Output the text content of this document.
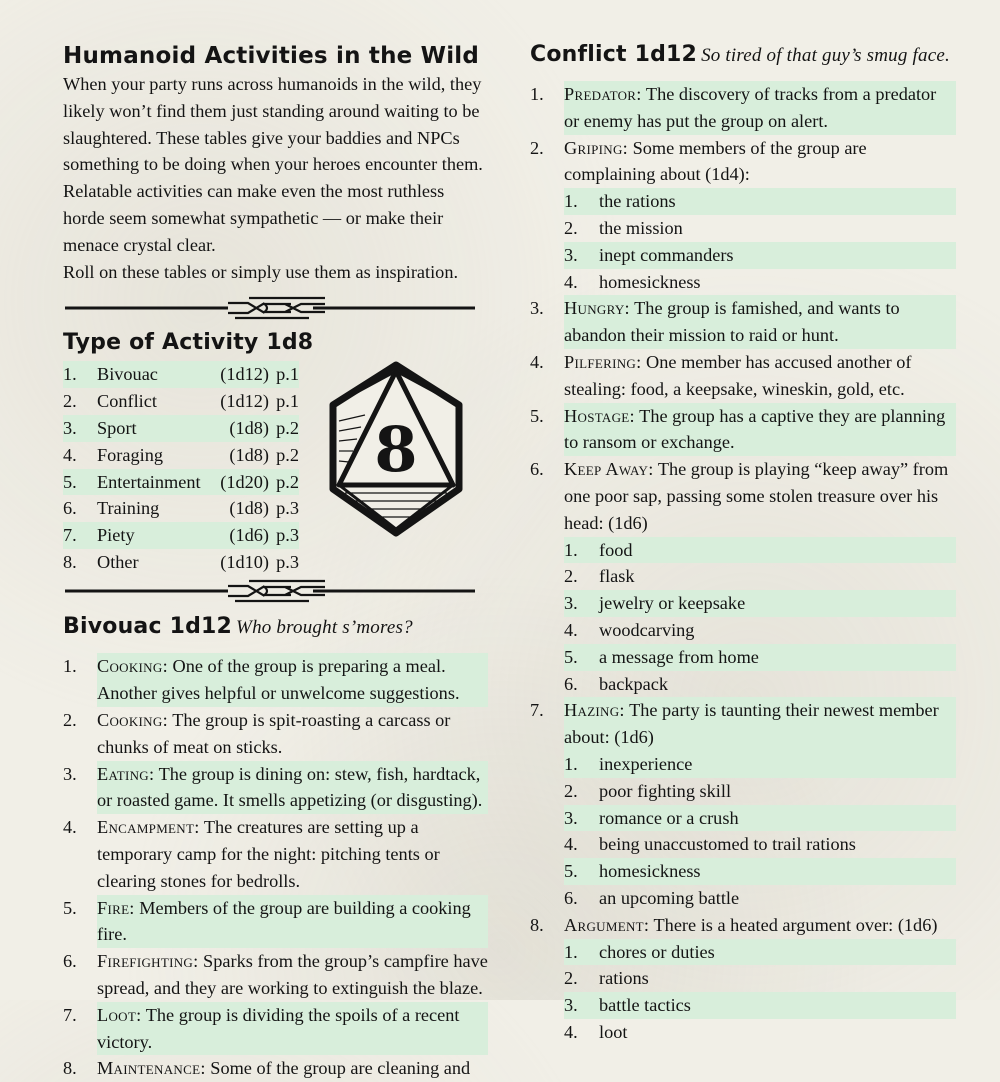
Humanoid Activities in the Wild

When your party runs across humanoids in the wild, they likely won’t find them just standing around waiting to be slaughtered. These tables give your baddies and NPCs something to be doing when your heroes encounter them. Relatable activities can make even the most ruthless horde seem somewhat sympathetic — or make their menace crystal clear.

Roll on these tables or simply use them as inspiration.

Type of Activity 1d8
1.	Bivouac	(1d12) p.1
2.	Conflict	(1d12) p.1
3.	Sport	(1d8) p.2
4.	Foraging	(1d8) p.2
5.	Entertainment	(1d20) p.2
6.	Training	(1d8) p.3
7.	Piety	(1d6) p.3
8.	Other	(1d10) p.3
8
Bivouac 1d12 Who brought s’mores?
1.	Cooking: One of the group is preparing a meal. Another gives helpful or unwelcome suggestions.
2.	Cooking: The group is spit-roasting a carcass or chunks of meat on sticks.
3.	Eating: The group is dining on: stew, fish, hardtack, or roasted game. It smells appetizing (or disgusting).
4.	Encampment: The creatures are setting up a temporary camp for the night: pitching tents or clearing stones for bedrolls.
5.	Fire: Members of the group are building a cooking fire.
6.	Firefighting: Sparks from the group’s campfire have spread, and they are working to extinguish the blaze.
7.	Loot: The group is dividing the spoils of a recent victory.
8.	Maintenance: Some of the group are cleaning and
Conflict 1d12 So tired of that guy’s smug face.
1.	Predator: The discovery of tracks from a predator or enemy has put the group on alert.
2.	Griping: Some members of the group are complaining about (1d4):
1.	the rations
2.	the mission
3.	inept commanders
4.	homesickness
3.	Hungry: The group is famished, and wants to abandon their mission to raid or hunt.
4.	Pilfering: One member has accused another of stealing: food, a keepsake, wineskin, gold, etc.
5.	Hostage: The group has a captive they are planning to ransom or exchange.
6.	Keep Away: The group is playing “keep away” from one poor sap, passing some stolen treasure over his head: (1d6)
1.	food
2.	flask
3.	jewelry or keepsake
4.	woodcarving
5.	a message from home
6.	backpack
7.	Hazing: The party is taunting their newest member about: (1d6)
1.	inexperience
2.	poor fighting skill
3.	romance or a crush
4.	being unaccustomed to trail rations
5.	homesickness
6.	an upcoming battle
8.	Argument: There is a heated argument over: (1d6)
1.	chores or duties
2.	rations
3.	battle tactics
4.	loot
